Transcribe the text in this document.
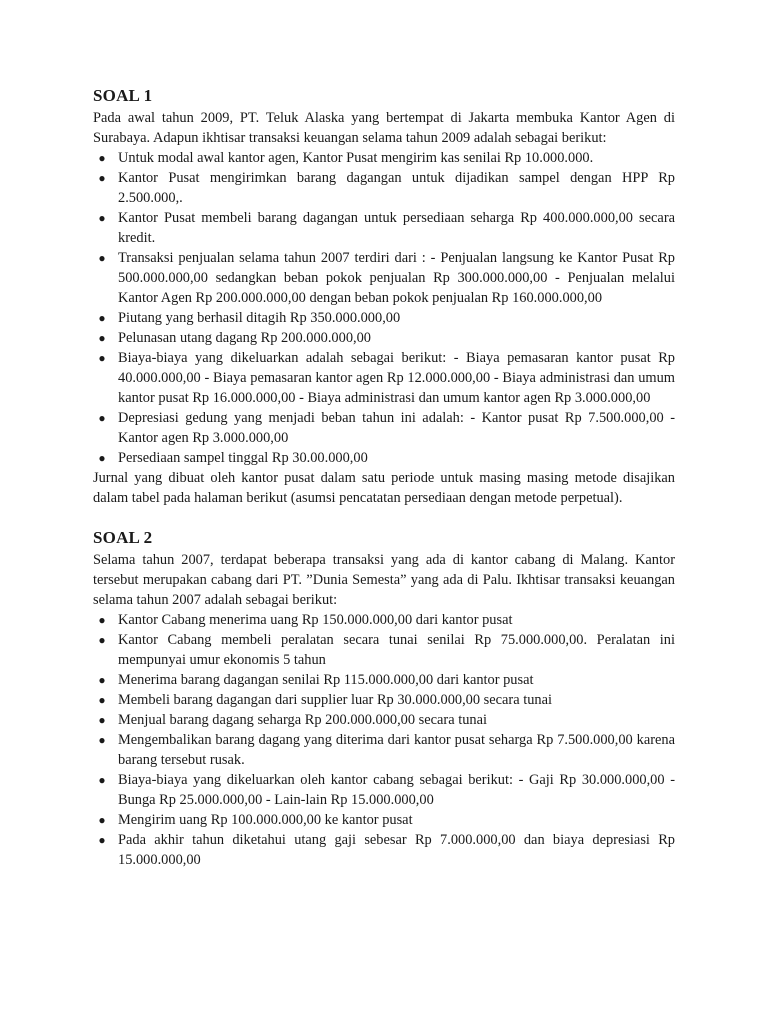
SOAL 1

Pada awal tahun 2009, PT. Teluk Alaska yang bertempat di Jakarta membuka Kantor Agen di Surabaya. Adapun ikhtisar transaksi keuangan selama tahun 2009 adalah sebagai berikut:

● Untuk modal awal kantor agen, Kantor Pusat mengirim kas senilai Rp 10.000.000.
● Kantor Pusat mengirimkan barang dagangan untuk dijadikan sampel dengan HPP Rp 2.500.000,.
● Kantor Pusat membeli barang dagangan untuk persediaan seharga Rp 400.000.000,00 secara kredit.
● Transaksi penjualan selama tahun 2007 terdiri dari : - Penjualan langsung ke Kantor Pusat Rp 500.000.000,00 sedangkan beban pokok penjualan Rp 300.000.000,00 - Penjualan melalui Kantor Agen Rp 200.000.000,00 dengan beban pokok penjualan Rp 160.000.000,00
● Piutang yang berhasil ditagih Rp 350.000.000,00
● Pelunasan utang dagang Rp 200.000.000,00
● Biaya-biaya yang dikeluarkan adalah sebagai berikut: - Biaya pemasaran kantor pusat Rp 40.000.000,00 - Biaya pemasaran kantor agen Rp 12.000.000,00 - Biaya administrasi dan umum kantor pusat Rp 16.000.000,00 - Biaya administrasi dan umum kantor agen Rp 3.000.000,00
● Depresiasi gedung yang menjadi beban tahun ini adalah: - Kantor pusat Rp 7.500.000,00 - Kantor agen Rp 3.000.000,00
● Persediaan sampel tinggal Rp 30.00.000,00

Jurnal yang dibuat oleh kantor pusat dalam satu periode untuk masing masing metode disajikan dalam tabel pada halaman berikut (asumsi pencatatan persediaan dengan metode perpetual).

SOAL 2

Selama tahun 2007, terdapat beberapa transaksi yang ada di kantor cabang di Malang. Kantor tersebut merupakan cabang dari PT. ”Dunia Semesta” yang ada di Palu. Ikhtisar transaksi keuangan selama tahun 2007 adalah sebagai berikut:

● Kantor Cabang menerima uang Rp 150.000.000,00 dari kantor pusat
● Kantor Cabang membeli peralatan secara tunai senilai Rp 75.000.000,00. Peralatan ini mempunyai umur ekonomis 5 tahun
● Menerima barang dagangan senilai Rp 115.000.000,00 dari kantor pusat
● Membeli barang dagangan dari supplier luar Rp 30.000.000,00 secara tunai
● Menjual barang dagang seharga Rp 200.000.000,00 secara tunai
● Mengembalikan barang dagang yang diterima dari kantor pusat seharga Rp 7.500.000,00 karena barang tersebut rusak.
● Biaya-biaya yang dikeluarkan oleh kantor cabang sebagai berikut: - Gaji Rp 30.000.000,00 - Bunga Rp 25.000.000,00 - Lain-lain Rp 15.000.000,00
● Mengirim uang Rp 100.000.000,00 ke kantor pusat
● Pada akhir tahun diketahui utang gaji sebesar Rp 7.000.000,00 dan biaya depresiasi Rp 15.000.000,00
